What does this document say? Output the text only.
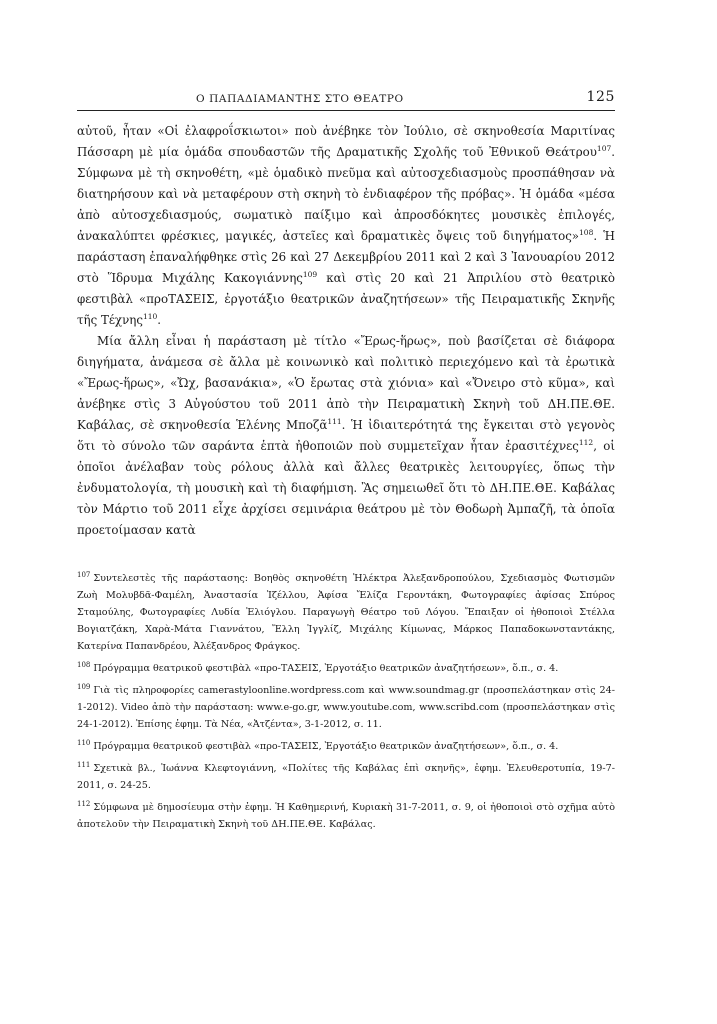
Ο ΠΑΠΑΔΙΑΜΑΝΤΗΣ ΣΤΟ ΘΕΑΤΡΟ	125

αὐτοῦ, ἦταν «Οἱ ἐλαφροΐσκιωτοι» ποὺ ἀνέβηκε τὸν Ἰούλιο, σὲ σκηνοθεσία Μαριτίνας Πάσσαρη μὲ μία ὁμάδα σπουδαστῶν τῆς Δραματικῆς Σχολῆς τοῦ Ἐθνικοῦ Θεάτρου$^{107}$. Σύμφωνα μὲ τὴ σκηνοθέτη, «μὲ ὁμαδικὸ πνεῦμα καὶ αὐτοσχεδιασμοὺς προσπάθησαν νὰ διατηρήσουν καὶ νὰ μεταφέρουν στὴ σκηνὴ τὸ ἐνδιαφέρον τῆς πρόβας». Ἡ ὁμάδα «μέσα ἀπὸ αὐτοσχεδιασμούς, σωματικὸ παίξιμο καὶ ἀπροσδόκητες μουσικὲς ἐπιλογές, ἀνακαλύπτει φρέσκιες, μαγικές, ἀστεῖες καὶ δραματικὲς ὄψεις τοῦ διηγήματος»$^{108}$. Ἡ παράσταση ἐπαναλήφθηκε στὶς 26 καὶ 27 Δεκεμβρίου 2011 καὶ 2 καὶ 3 Ἰανουαρίου 2012 στὸ Ἵδρυμα Μιχάλης Κακογιάννης$^{109}$ καὶ στὶς 20 καὶ 21 Ἀπριλίου στὸ θεατρικὸ φεστιβὰλ «προΤΑΣΕΙΣ, ἐργοτάξιο θεατρικῶν ἀναζητήσεων» τῆς Πειραματικῆς Σκηνῆς τῆς Τέχνης$^{110}$.

Μία ἄλλη εἶναι ἡ παράσταση μὲ τίτλο «Ἔρως-ἥρως», ποὺ βασίζεται σὲ διάφορα διηγήματα, ἀνάμεσα σὲ ἄλλα μὲ κοινωνικὸ καὶ πολιτικὸ περιεχόμενο καὶ τὰ ἐρωτικὰ «Ἔρως-ἥρως», «Ὤχ, βασανάκια», «Ὁ ἔρωτας στὰ χιόνια» καὶ «Ὄνειρο στὸ κῦμα», καὶ ἀνέβηκε στὶς 3 Αὐγούστου τοῦ 2011 ἀπὸ τὴν Πειραματικὴ Σκηνὴ τοῦ ΔΗ.ΠΕ.ΘΕ. Καβάλας, σὲ σκηνοθεσία Ἑλένης Μποζᾶ$^{111}$. Ἡ ἰδιαιτερότητά της ἔγκειται στὸ γεγονὸς ὅτι τὸ σύνολο τῶν σαράντα ἑπτὰ ἠθοποιῶν ποὺ συμμετεῖχαν ἦταν ἐρασιτέχνες$^{112}$, οἱ ὁποῖοι ἀνέλαβαν τοὺς ρόλους ἀλλὰ καὶ ἄλλες θεατρικὲς λειτουργίες, ὅπως τὴν ἐνδυματολογία, τὴ μουσικὴ καὶ τὴ διαφήμιση. Ἂς σημειωθεῖ ὅτι τὸ ΔΗ.ΠΕ.ΘΕ. Καβάλας τὸν Μάρτιο τοῦ 2011 εἶχε ἀρχίσει σεμινάρια θεάτρου μὲ τὸν Θοδωρὴ Ἀμπαζῆ, τὰ ὁποῖα προετοίμασαν κατὰ

$^{107}$ Συντελεστὲς τῆς παράστασης: Βοηθὸς σκηνοθέτη Ἠλέκτρα Ἀλεξανδροπούλου, Σχεδιασμὸς Φωτισμῶν Ζωὴ Μολυβδᾶ-Φαμέλη, Ἀναστασία Ἰζέλλου, Ἀφίσα Ἔλίζα Γεροντάκη, Φωτογραφίες ἀφίσας Σπύρος Σταμούλης, Φωτογραφίες Λυδία Ἐλιόγλου. Παραγωγὴ Θέατρο τοῦ Λόγου. Ἔπαιξαν οἱ ἠθοποιοὶ Στέλλα Βογιατζάκη, Χαρὰ-Μάτα Γιαννάτου, Ἔλλη Ἰγγλίζ, Μιχάλης Κίμωνας, Μάρκος Παπαδοκωνσταντάκης, Κατερίνα Παπανδρέου, Ἀλέξανδρος Φράγκος.

$^{108}$ Πρόγραμμα θεατρικοῦ φεστιβὰλ «προ-ΤΑΣΕΙΣ, Ἐργοτάξιο θεατρικῶν ἀναζητήσεων», ὅ.π., σ. 4.

$^{109}$ Γιὰ τὶς πληροφορίες camerastyloonline.wordpress.com καὶ www.soundmag.gr (προσπελάστηκαν στὶς 24-1-2012). Video ἀπὸ τὴν παράσταση: www.e-go.gr, www.youtube.com, www.scribd.com (προσπελάστηκαν στὶς 24-1-2012). Ἐπίσης ἐφημ. Τὰ Νέα, «Ἀτζέντα», 3-1-2012, σ. 11.

$^{110}$ Πρόγραμμα θεατρικοῦ φεστιβὰλ «προ-ΤΑΣΕΙΣ, Ἐργοτάξιο θεατρικῶν ἀναζητήσεων», ὅ.π., σ. 4.

$^{111}$ Σχετικὰ βλ., Ἰωάννα Κλεφτογιάννη, «Πολίτες τῆς Καβάλας ἐπὶ σκηνῆς», ἐφημ. Ἐλευθεροτυπία, 19-7-2011, σ. 24-25.

$^{112}$ Σύμφωνα μὲ δημοσίευμα στὴν ἐφημ. Ἡ Καθημερινή, Κυριακὴ 31-7-2011, σ. 9, οἱ ἠθοποιοὶ στὸ σχῆμα αὐτὸ ἀποτελοῦν τὴν Πειραματικὴ Σκηνὴ τοῦ ΔΗ.ΠΕ.ΘΕ. Καβάλας.
